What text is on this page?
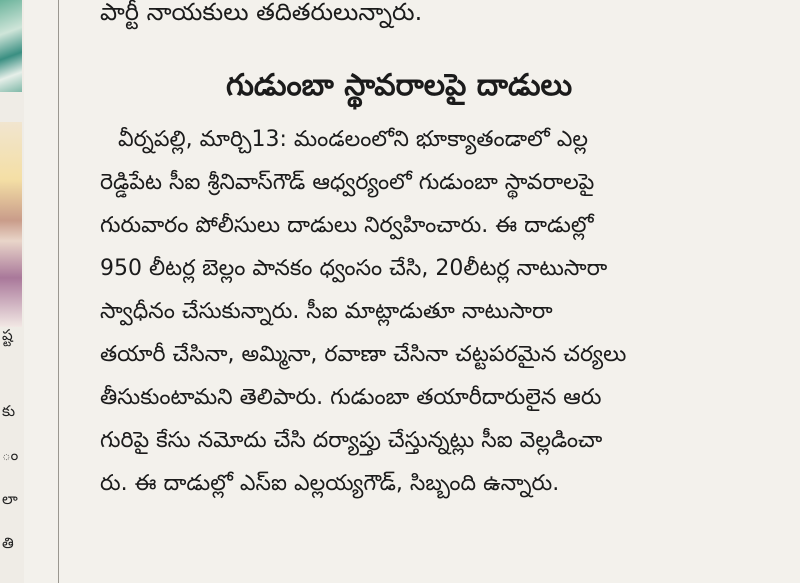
ష్ట
కు
ం
లా
తి
పార్టీ నాయకులు తదితరులున్నారు.
గుడుంబా స్థావరాలపై దాడులు
వీర్నపల్లి, మార్చి13: మండలంలోని భూక్యాతండాలో ఎల్ల
రెడ్డిపేట సీఐ శ్రీనివాస్‌గౌడ్ ఆధ్వర్యంలో గుడుంబా స్థావరాలపై
గురువారం పోలీసులు దాడులు నిర్వహించారు. ఈ దాడుల్లో
950 లీటర్ల బెల్లం పానకం ధ్వంసం చేసి, 20లీటర్ల నాటుసారా
స్వాధీనం చేసుకున్నారు. సీఐ మాట్లాడుతూ నాటుసారా
తయారీ చేసినా, అమ్మినా, రవాణా చేసినా చట్టపరమైన చర్యలు
తీసుకుంటామని తెలిపారు. గుడుంబా తయారీదారులైన ఆరు
గురిపై కేసు నమోదు చేసి దర్యాప్తు చేస్తున్నట్లు సీఐ వెల్లడించా
రు. ఈ దాడుల్లో ఎస్ఐ ఎల్లయ్యగౌడ్, సిబ్బంది ఉన్నారు.
